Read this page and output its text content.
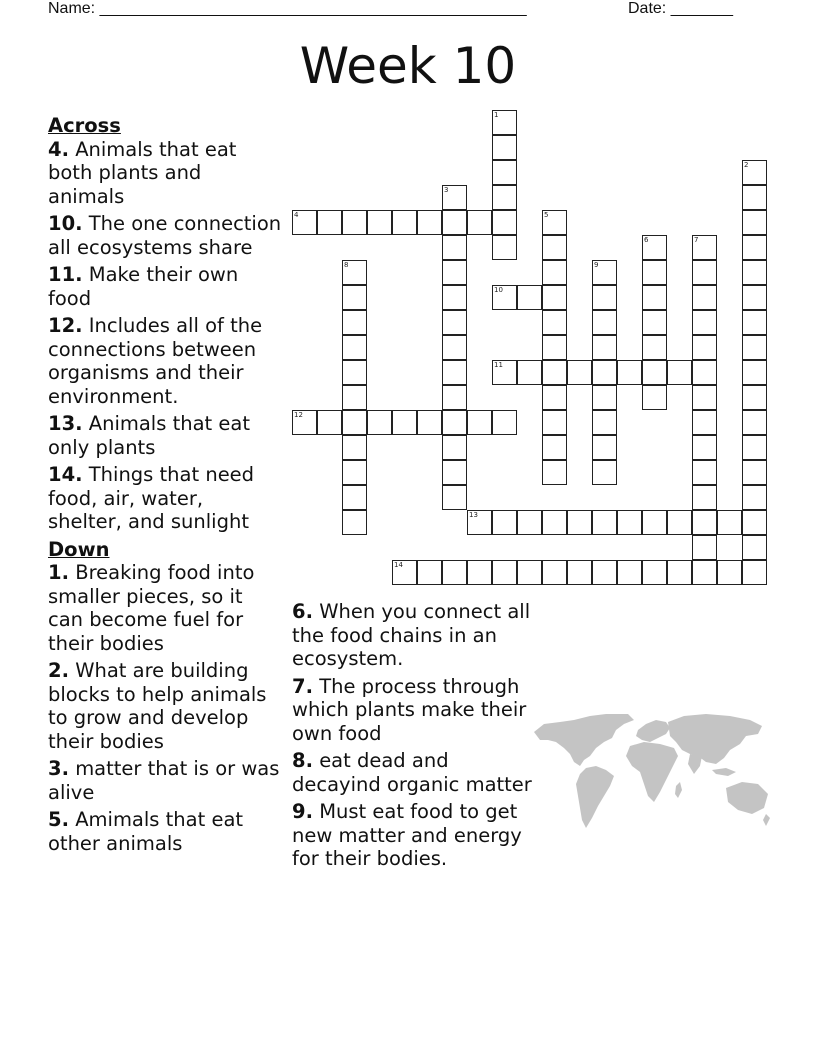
Name: ________________________________________________	Date: _______
Week 10

Across

4. Animals that eat both plants and animals

10. The one connection all ecosystems share

11. Make their own food

12. Includes all of the connections between organisms and their environment.

13. Animals that eat only plants

14. Things that need food, air, water, shelter, and sunlight

Down

1. Breaking food into smaller pieces, so it can become fuel for their bodies

2. What are building blocks to help animals to grow and develop their bodies

3. matter that is or was alive

5. Amimals that eat other animals

6. When you connect all the food chains in an ecosystem.

7. The process through which plants make their own food

8. eat dead and decayind organic matter

9. Must eat food to get new matter and energy for their bodies.

4
10
11
12
13
14
1
2
3
5
6	7
8	9
